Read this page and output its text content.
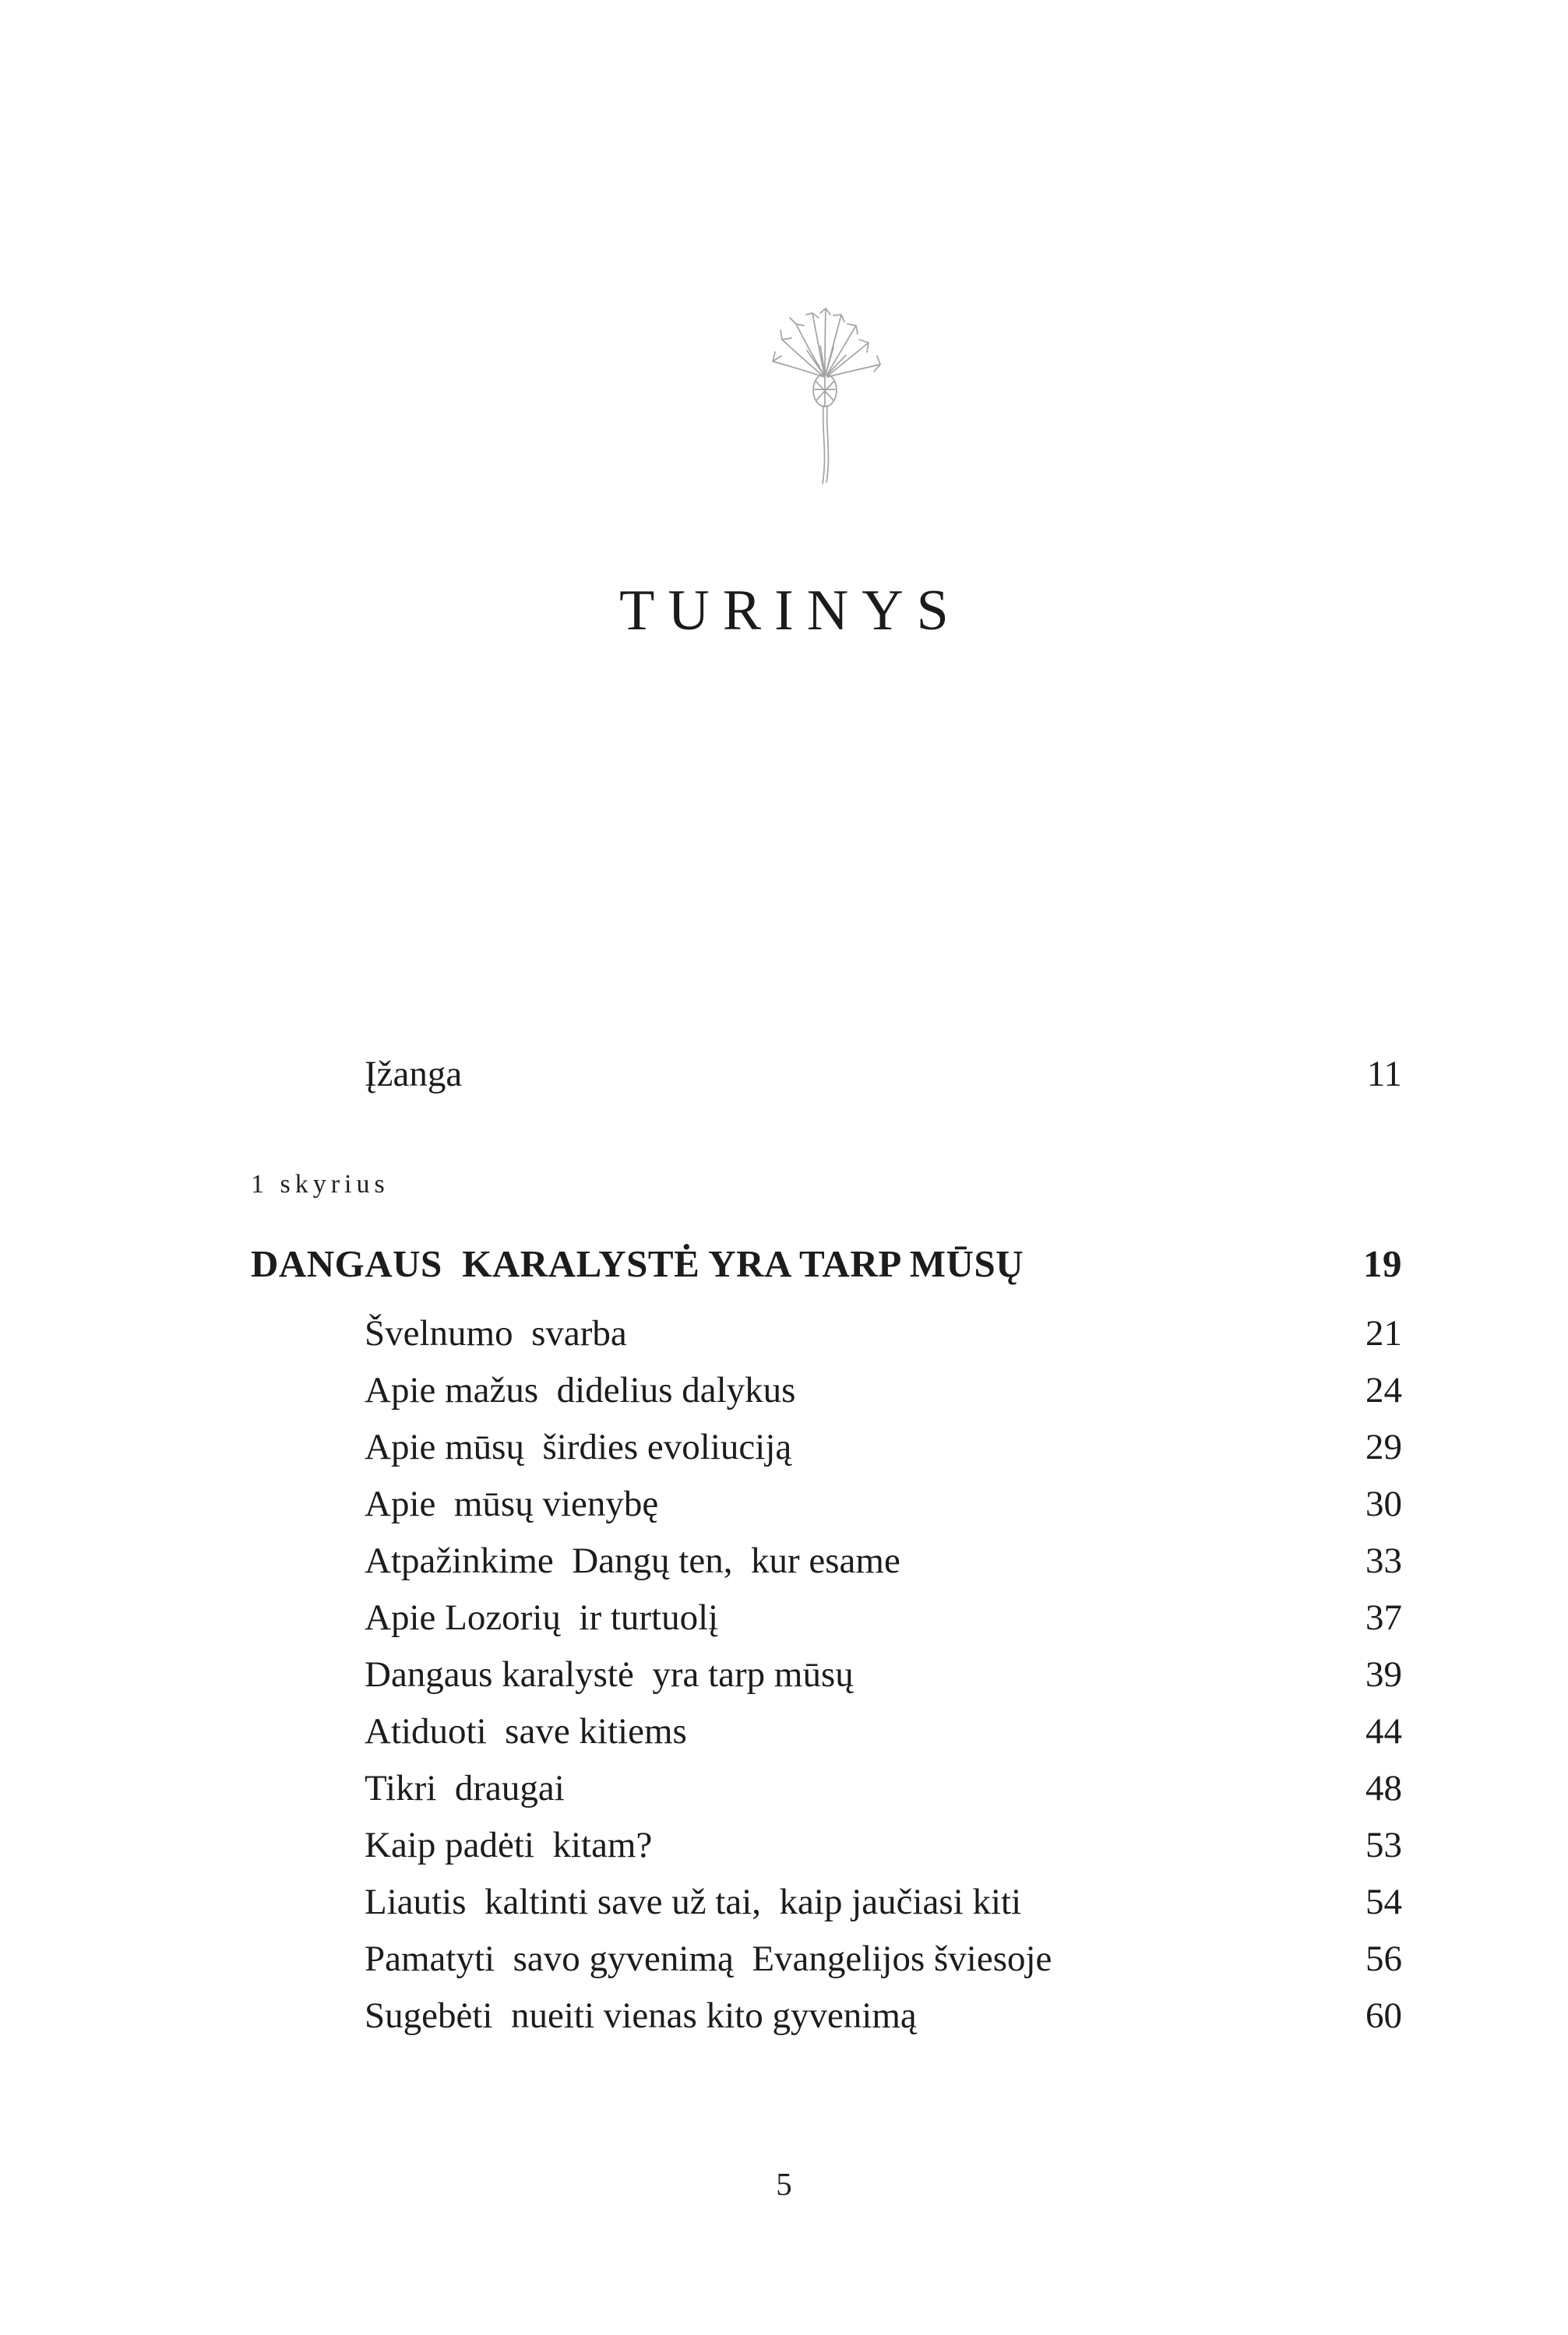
TURINYS
Įžanga	11
1 skyrius
DANGAUS  KARALYSTĖ YRA TARP MŪSŲ	19
Švelnumo  svarba	21
Apie mažus  didelius dalykus	24
Apie mūsų  širdies evoliuciją	29
Apie  mūsų vienybę	30
Atpažinkime  Dangų ten,  kur esame	33
Apie Lozorių  ir turtuolį	37
Dangaus karalystė  yra tarp mūsų	39
Atiduoti  save kitiems	44
Tikri  draugai	48
Kaip padėti  kitam?	53
Liautis  kaltinti save už tai,  kaip jaučiasi kiti	54
Pamatyti  savo gyvenimą  Evangelijos šviesoje	56
Sugebėti  nueiti vienas kito gyvenimą	60
5
